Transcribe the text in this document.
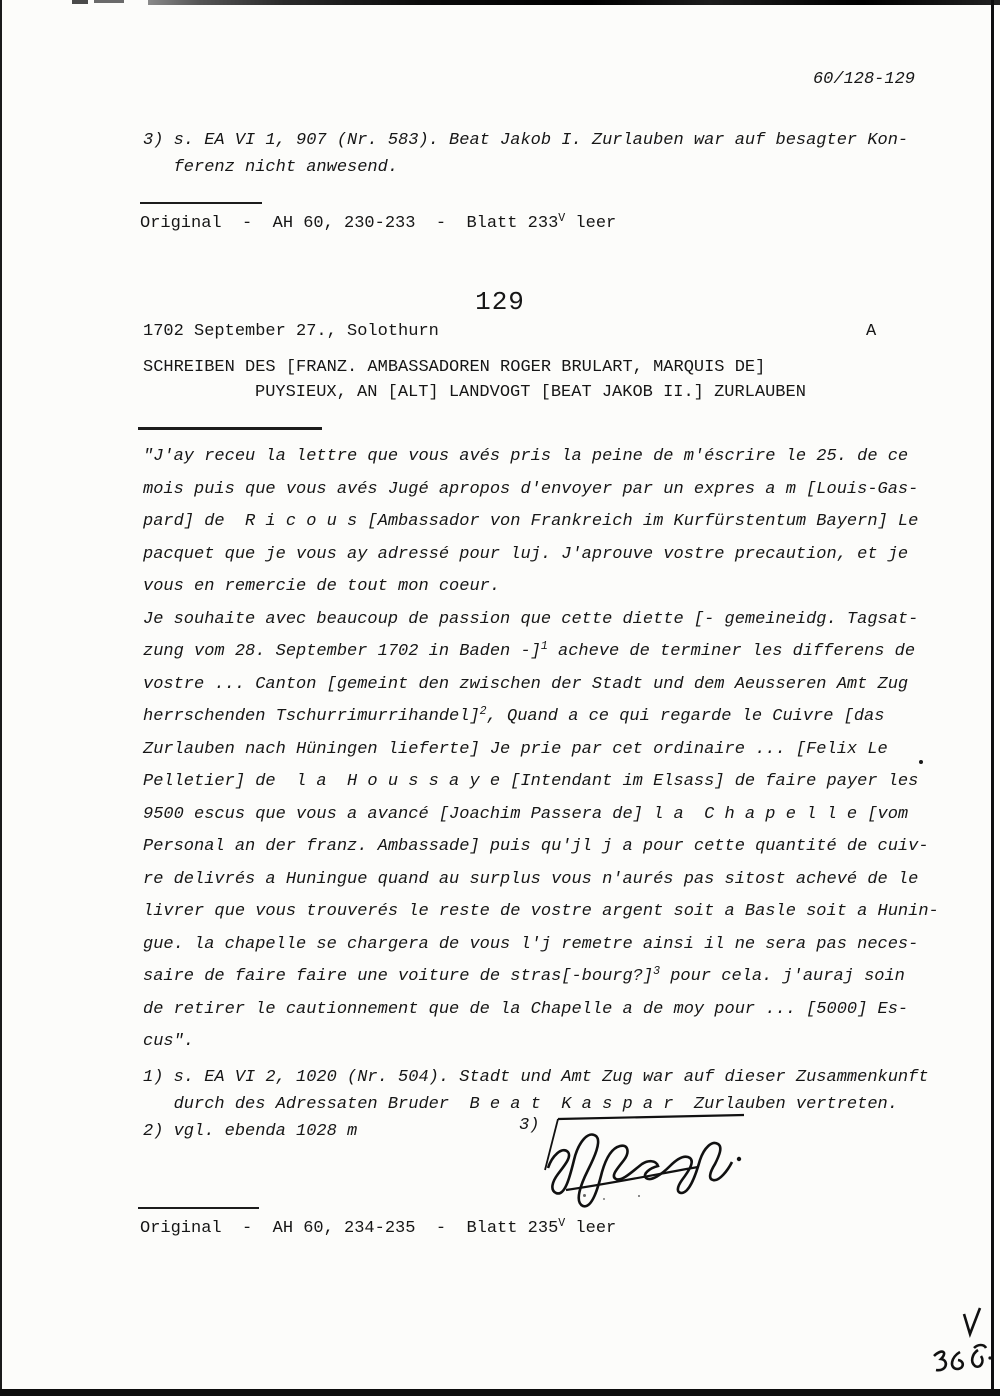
60/128-129
3) s. EA VI 1, 907 (Nr. 583). Beat Jakob I. Zurlauben war auf besagter Kon-
ferenz nicht anwesend.
Original  -  AH 60, 230-233  -  Blatt $233^V$ leer
129
1702 September 27., Solothurn	A
SCHREIBEN DES [FRANZ. AMBASSADOREN ROGER BRULART, MARQUIS DE]
PUYSIEUX, AN [ALT] LANDVOGT [BEAT JAKOB II.] ZURLAUBEN
"J'ay receu la lettre que vous avés pris la peine de m'éscrire le 25. de ce
mois puis que vous avés Jugé apropos d'envoyer par un expres a m [Louis-Gas-
pard] de  R i c o u s [Ambassador von Frankreich im Kurfürstentum Bayern] Le
pacquet que je vous ay adressé pour luj. J'aprouve vostre precaution, et je
vous en remercie de tout mon coeur.
Je souhaite avec beaucoup de passion que cette diette [- gemeineidg. Tagsat-
zung vom 28. September 1702 in Baden -]$^1$ acheve de terminer les differens de
vostre ... Canton [gemeint den zwischen der Stadt und dem Aeusseren Amt Zug
herrschenden Tschurrimurrihandel]$^2$, Quand a ce qui regarde le Cuivre [das
Zurlauben nach Hüningen lieferte] Je prie par cet ordinaire ... [Felix Le
Pelletier] de  l a  H o u s s a y e [Intendant im Elsass] de faire payer les
9500 escus que vous a avancé [Joachim Passera de] l a  C h a p e l l e [vom
Personal an der franz. Ambassade] puis qu'jl j a pour cette quantité de cuiv-
re delivrés a Huningue quand au surplus vous n'aurés pas sitost achevé de le
livrer que vous trouverés le reste de vostre argent soit a Basle soit a Hunin-
gue. la chapelle se chargera de vous l'j remetre ainsi il ne sera pas neces-
saire de faire faire une voiture de stras[-bourg?]$^3$ pour cela. j'auraj soin
de retirer le cautionnement que de la Chapelle a de moy pour ... [5000] Es-
cus".
1) s. EA VI 2, 1020 (Nr. 504). Stadt und Amt Zug war auf dieser Zusammenkunft
durch des Adressaten Bruder  B e a t  K a s p a r  Zurlauben vertreten.
2) vgl. ebenda 1028 m	3)
Original  -  AH 60, 234-235  -  Blatt $235^V$ leer
